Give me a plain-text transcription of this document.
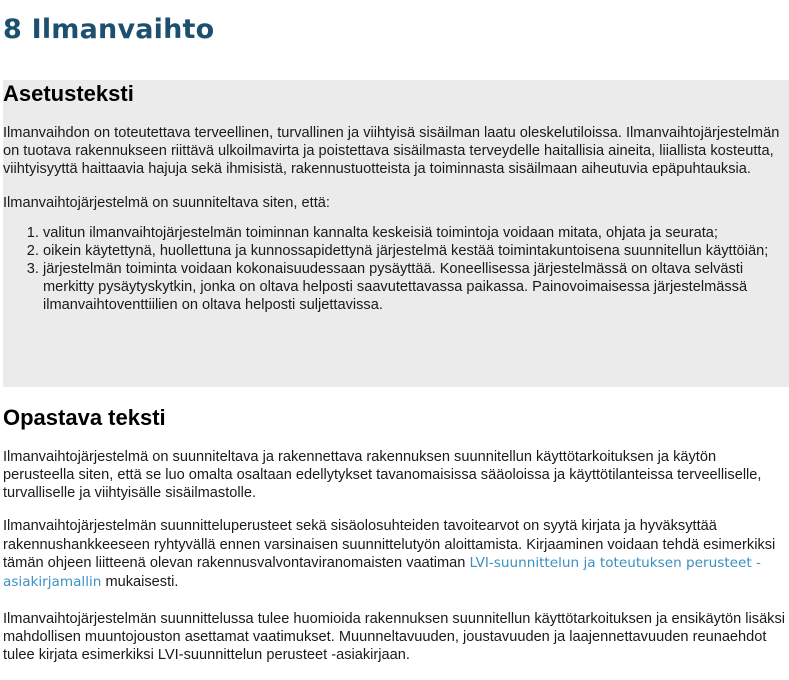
8 Ilmanvaihto
Asetusteksti

Ilmanvaihdon on toteutettava terveellinen, turvallinen ja viihtyisä sisäilman laatu oleskelutiloissa. Ilmanvaihtojärjestelmän on tuotava rakennukseen riittävä ulkoilmavirta ja poistettava sisäilmasta terveydelle haitallisia aineita, liiallista kosteutta, viihtyisyyttä haittaavia hajuja sekä ihmisistä, rakennustuotteista ja toiminnasta sisäilmaan aiheutuvia epäpuhtauksia.

Ilmanvaihtojärjestelmä on suunniteltava siten, että:

1. valitun ilmanvaihtojärjestelmän toiminnan kannalta keskeisiä toimintoja voidaan mitata, ohjata ja seurata;
2. oikein käytettynä, huollettuna ja kunnossapidettynä järjestelmä kestää toimintakuntoisena suunnitellun käyttöiän;
3. järjestelmän toiminta voidaan kokonaisuudessaan pysäyttää. Koneellisessa järjestelmässä on oltava selvästi merkitty pysäytyskytkin, jonka on oltava helposti saavutettavassa paikassa. Painovoimaisessa järjestelmässä ilmanvaihtoventtiilien on oltava helposti suljettavissa.
Opastava teksti

Ilmanvaihtojärjestelmä on suunniteltava ja rakennettava rakennuksen suunnitellun käyttötarkoituksen ja käytön perusteella siten, että se luo omalta osaltaan edellytykset tavanomaisissa sääoloissa ja käyttötilanteissa terveelliselle, turvalliselle ja viihtyisälle sisäilmastolle.

Ilmanvaihtojärjestelmän suunnitteluperusteet sekä sisäolosuhteiden tavoitearvot on syytä kirjata ja hyväksyttää rakennushankkeeseen ryhtyvällä ennen varsinaisen suunnittelutyön aloittamista. Kirjaaminen voidaan tehdä esimerkiksi tämän ohjeen liitteenä olevan rakennusvalvontaviranomaisten vaatiman LVI-suunnittelun ja toteutuksen perusteet -asiakirjamallin mukaisesti.

Ilmanvaihtojärjestelmän suunnittelussa tulee huomioida rakennuksen suunnitellun käyttötarkoituksen ja ensikäytön lisäksi mahdollisen muuntojouston asettamat vaatimukset. Muunneltavuuden, joustavuuden ja laajennettavuuden reunaehdot tulee kirjata esimerkiksi LVI-suunnittelun perusteet -asiakirjaan.
